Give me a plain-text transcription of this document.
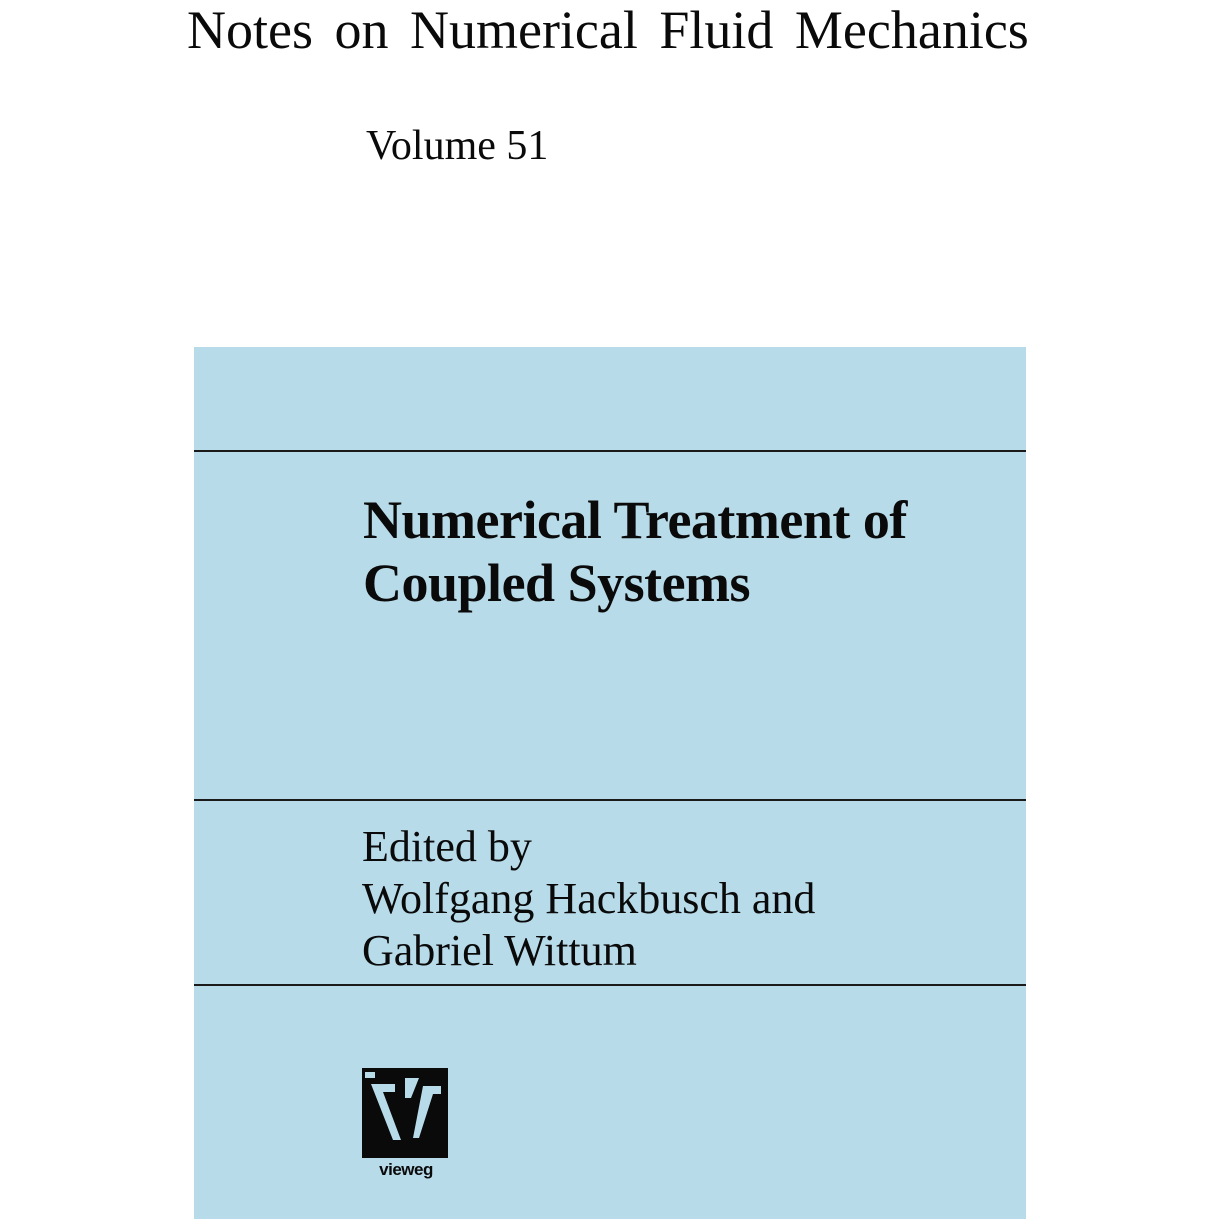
Notes on Numerical Fluid Mechanics
Volume 51
Numerical Treatment of
Coupled Systems
Edited by
Wolfgang Hackbusch and
Gabriel Wittum
vieweg
